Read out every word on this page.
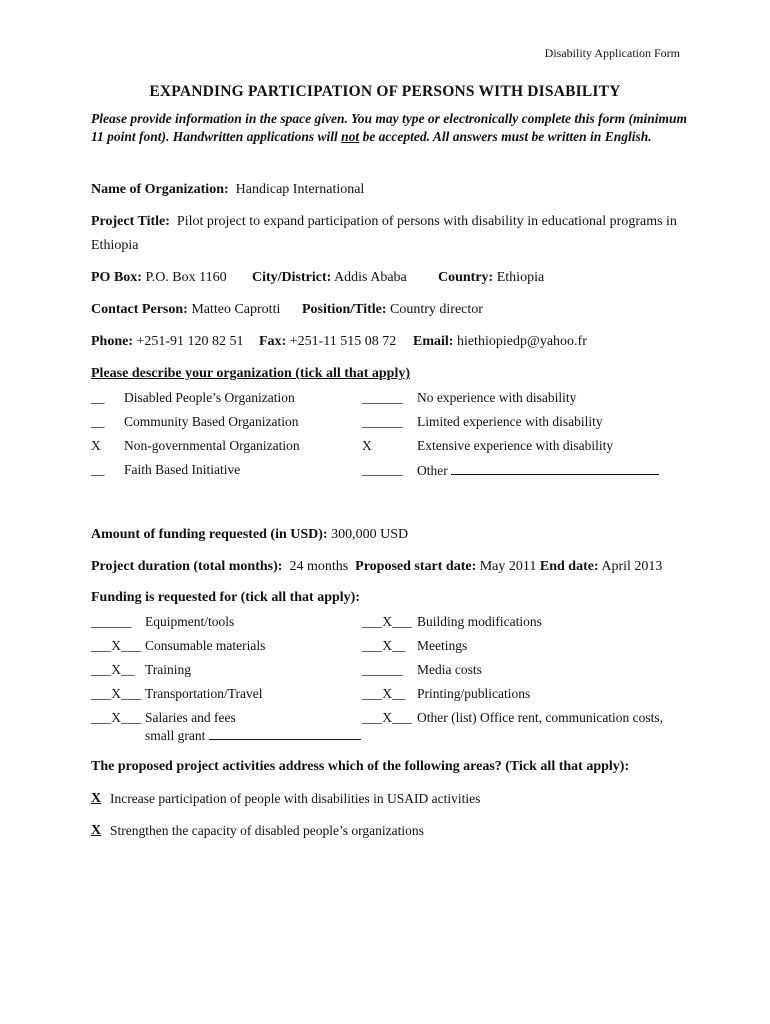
Disability Application Form
EXPANDING PARTICIPATION OF PERSONS WITH DISABILITY
Please provide information in the space given. You may type or electronically complete this form (minimum 11 point font). Handwritten applications will not be accepted. All answers must be written in English.
Name of Organization: Handicap International
Project Title: Pilot project to expand participation of persons with disability in educational programs in
Ethiopia
PO Box: P.O. Box 1160 City/District: Addis Ababa Country: Ethiopia
Contact Person: Matteo Caprotti Position/Title: Country director
Phone: +251-91 120 82 51 Fax: +251-11 515 08 72 Email: hiethiopiedp@yahoo.fr
Please describe your organization (tick all that apply)
__ Disabled People’s Organization
__ Community Based Organization
X Non-governmental Organization
__ Faith Based Initiative
______ No experience with disability
______ Limited experience with disability
X	Extensive experience with disability
______ Other
Amount of funding requested (in USD): 300,000 USD
Project duration (total months): 24 months Proposed start date: May 2011 End date: April 2013
Funding is requested for (tick all that apply):
______ Equipment/tools
___X___ Consumable materials
___X__ Training
___X___ Transportation/Travel
___X___ Salaries and fees
small grant
___X___ Building modifications
___X__ Meetings
______ Media costs
___X__ Printing/publications
___X___ Other (list) Office rent, communication costs,
The proposed project activities address which of the following areas? (Tick all that apply):
X Increase participation of people with disabilities in USAID activities
X Strengthen the capacity of disabled people’s organizations
